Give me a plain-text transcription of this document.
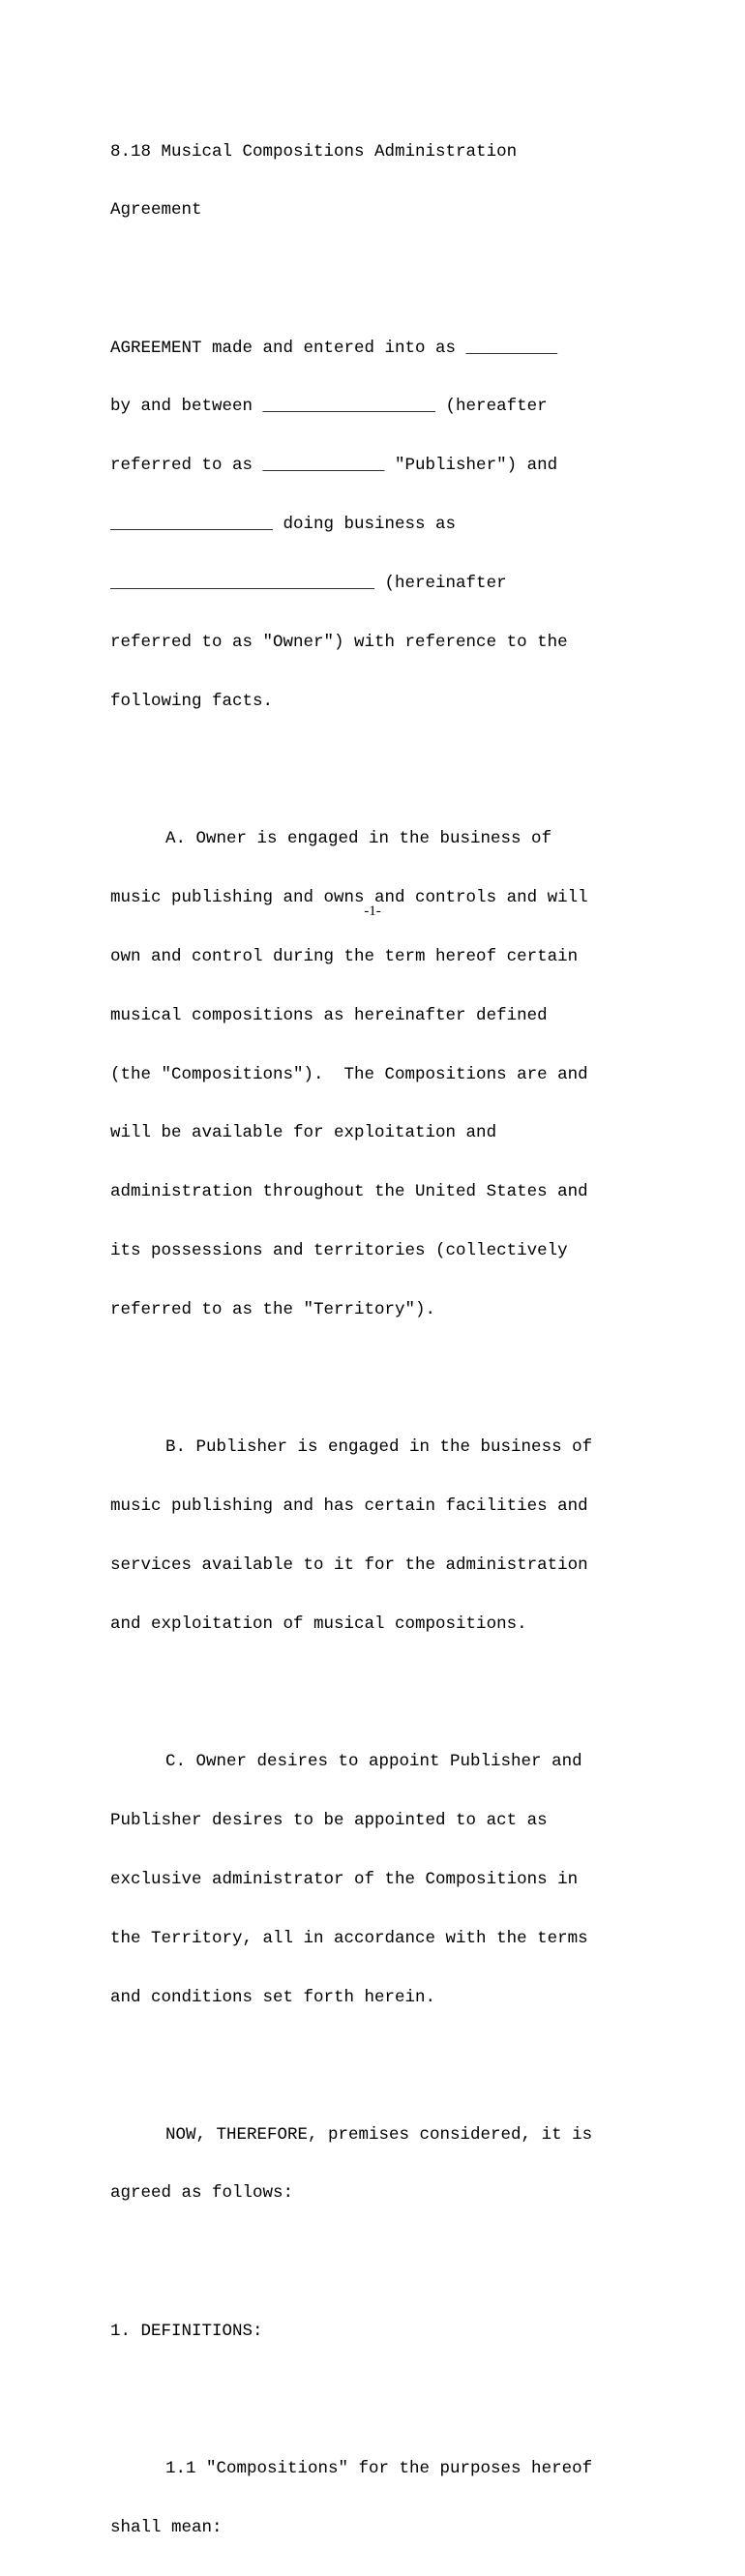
8.18 Musical Compositions Administration

Agreement

AGREEMENT made and entered into as _________

by and between _________________ (hereafter

referred to as ____________ "Publisher") and

________________ doing business as

__________________________ (hereinafter

referred to as "Owner") with reference to the

following facts.

A. Owner is engaged in the business of

music publishing and owns and controls and will

own and control during the term hereof certain

musical compositions as hereinafter defined

(the "Compositions").  The Compositions are and

will be available for exploitation and

administration throughout the United States and

its possessions and territories (collectively

referred to as the "Territory").

B. Publisher is engaged in the business of

music publishing and has certain facilities and

services available to it for the administration

and exploitation of musical compositions.

C. Owner desires to appoint Publisher and

Publisher desires to be appointed to act as

exclusive administrator of the Compositions in

the Territory, all in accordance with the terms

and conditions set forth herein.

NOW, THEREFORE, premises considered, it is

agreed as follows:

1. DEFINITIONS:

1.1 "Compositions" for the purposes hereof

shall mean:

-1-
